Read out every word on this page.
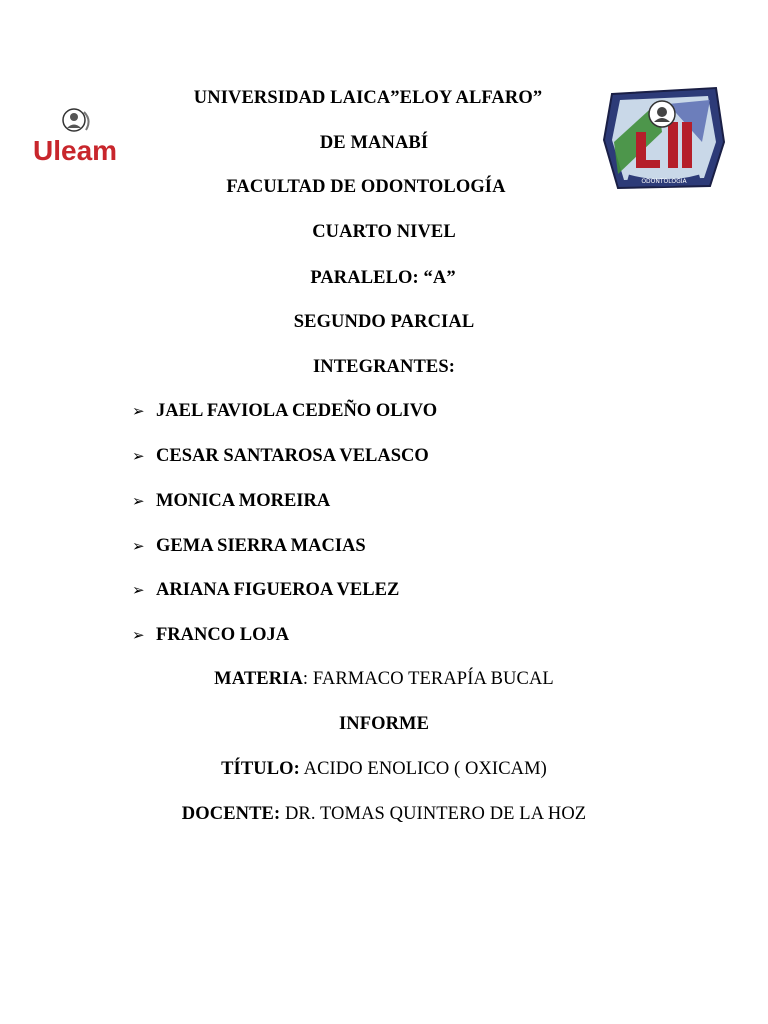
Uleam
ODONTOLOGIA
UNIVERSIDAD LAICA”ELOY ALFARO”
DE MANABÍ
FACULTAD DE ODONTOLOGÍA
CUARTO NIVEL
PARALELO: “A”
SEGUNDO PARCIAL
INTEGRANTES:
➢ JAEL FAVIOLA CEDEÑO OLIVO
➢ CESAR SANTAROSA VELASCO
➢ MONICA MOREIRA
➢ GEMA SIERRA MACIAS
➢ ARIANA FIGUEROA VELEZ
➢ FRANCO LOJA
MATERIA: FARMACO TERAPÍA BUCAL
INFORME
TÍTULO: ACIDO ENOLICO ( OXICAM)
DOCENTE: DR. TOMAS QUINTERO DE LA HOZ
